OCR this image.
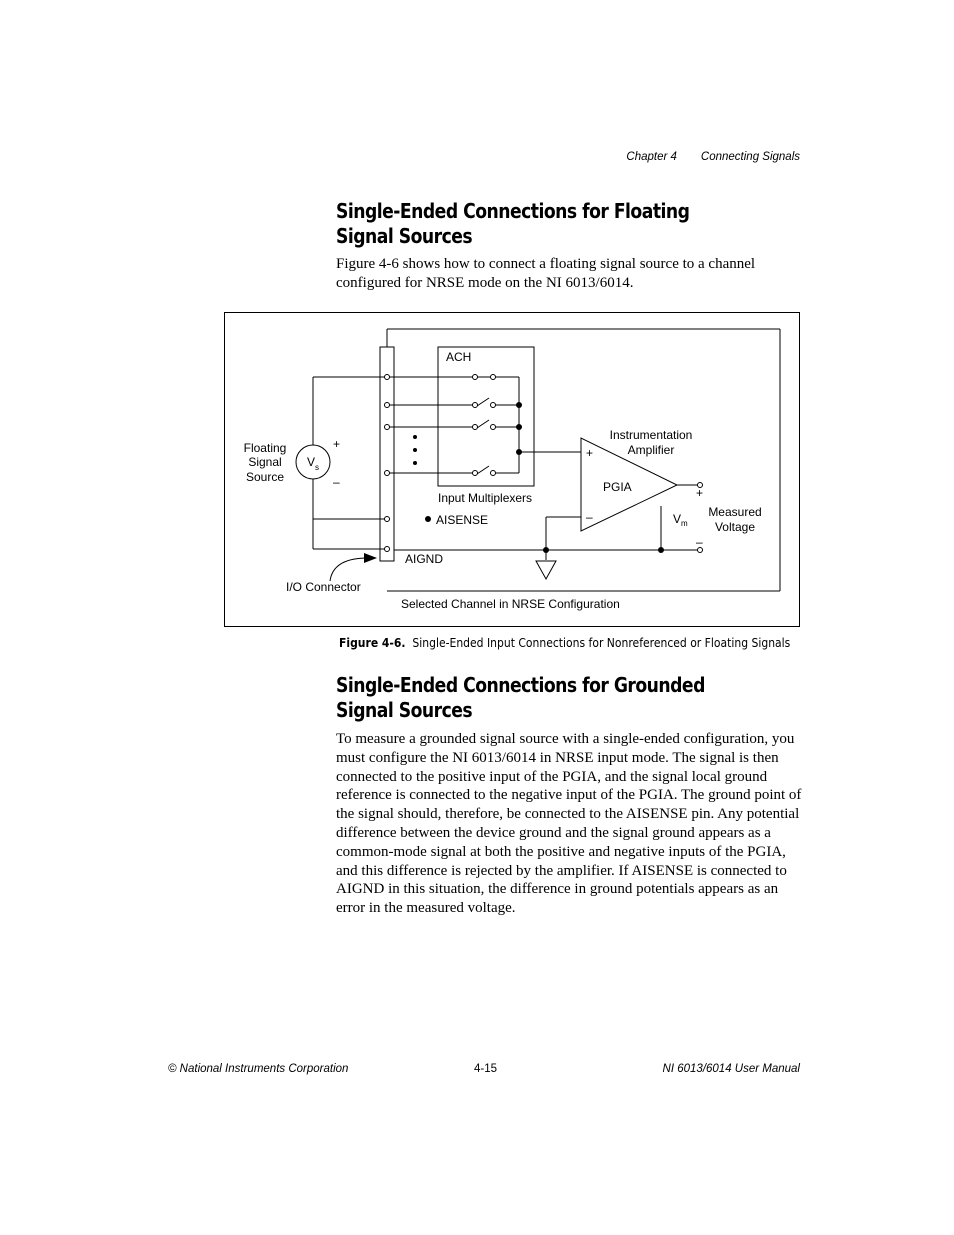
Chapter 4 Connecting Signals
Single-Ended Connections for Floating Signal Sources

Figure 4-6 shows how to connect a floating signal source to a channel configured for NRSE mode on the NI 6013/6014.

ACH
Floating
Signal
Source
V s
+
–
Input Multiplexers
AISENSE
AIGND
I/O Connector
Instrumentation
Amplifier
+
–
PGIA
V m
+
–
Measured
Voltage
Selected Channel in NRSE Configuration
Figure 4-6. Single-Ended Input Connections for Nonreferenced or Floating Signals
Single-Ended Connections for Grounded Signal Sources

To measure a grounded signal source with a single-ended configuration, you must configure the NI 6013/6014 in NRSE input mode. The signal is then connected to the positive input of the PGIA, and the signal local ground reference is connected to the negative input of the PGIA. The ground point of the signal should, therefore, be connected to the AISENSE pin. Any potential difference between the device ground and the signal ground appears as a common-mode signal at both the positive and negative inputs of the PGIA, and this difference is rejected by the amplifier. If AISENSE is connected to AIGND in this situation, the difference in ground potentials appears as an error in the measured voltage.

© National Instruments Corporation	4-15	NI 6013/6014 User Manual
